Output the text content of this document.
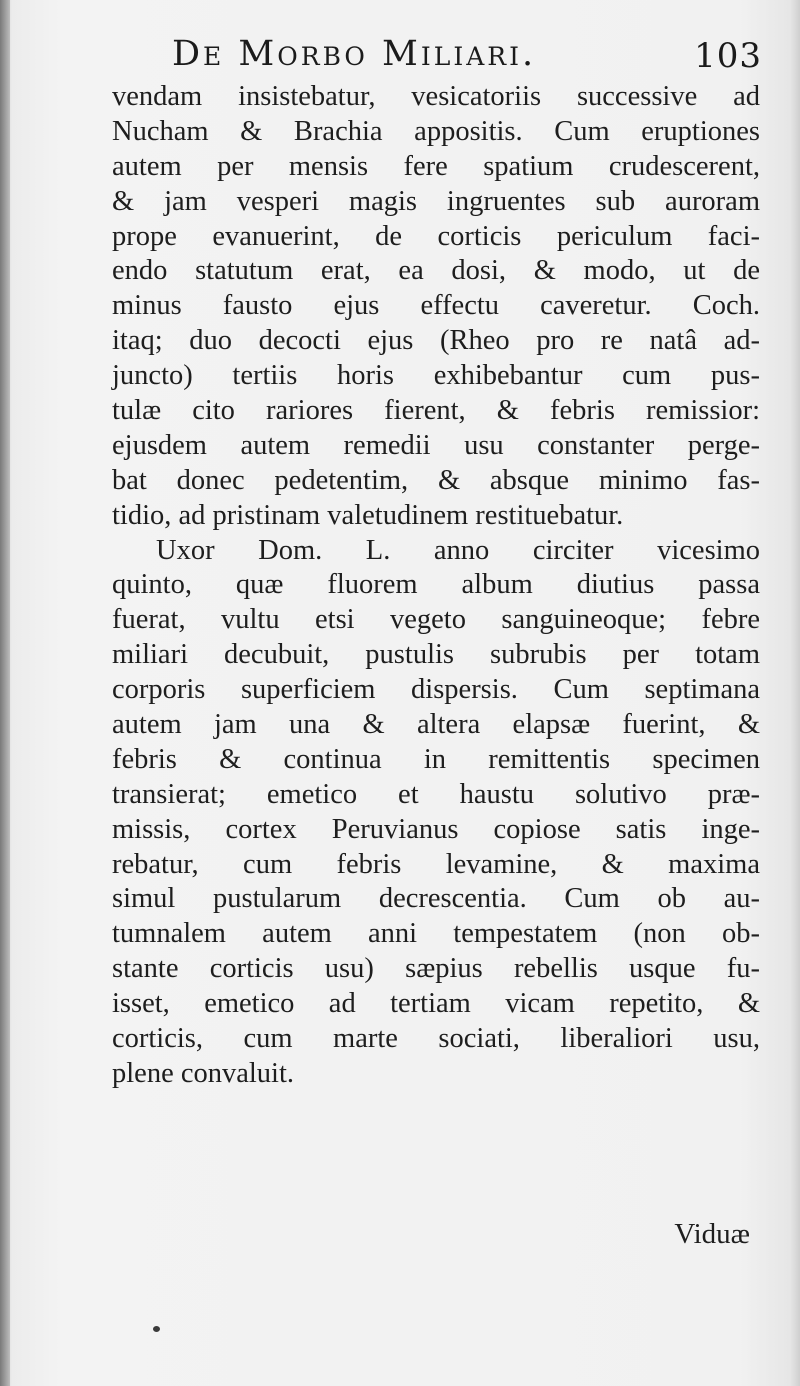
De Morbo Miliari.	103
vendam insistebatur, vesicatoriis successive ad
Nucham & Brachia appositis. Cum eruptiones
autem per mensis fere spatium crudescerent,
& jam vesperi magis ingruentes sub auroram
prope evanuerint, de corticis periculum faci-
endo statutum erat, ea dosi, & modo, ut de
minus fausto ejus effectu caveretur. Coch.
itaq; duo decocti ejus (Rheo pro re natâ ad-
juncto) tertiis horis exhibebantur cum pus-
tulæ cito rariores fierent, & febris remissior:
ejusdem autem remedii usu constanter perge-
bat donec pedetentim, & absque minimo fas-
tidio, ad pristinam valetudinem restituebatur.
Uxor Dom. L. anno circiter vicesimo
quinto, quæ fluorem album diutius passa
fuerat, vultu etsi vegeto sanguineoque; febre
miliari decubuit, pustulis subrubis per totam
corporis superficiem dispersis. Cum septimana
autem jam una & altera elapsæ fuerint, &
febris & continua in remittentis specimen
transierat; emetico et haustu solutivo præ-
missis, cortex Peruvianus copiose satis inge-
rebatur, cum febris levamine, & maxima
simul pustularum decrescentia. Cum ob au-
tumnalem autem anni tempestatem (non ob-
stante corticis usu) sæpius rebellis usque fu-
isset, emetico ad tertiam vicam repetito, &
corticis, cum marte sociati, liberaliori usu,
plene convaluit.
Viduæ
